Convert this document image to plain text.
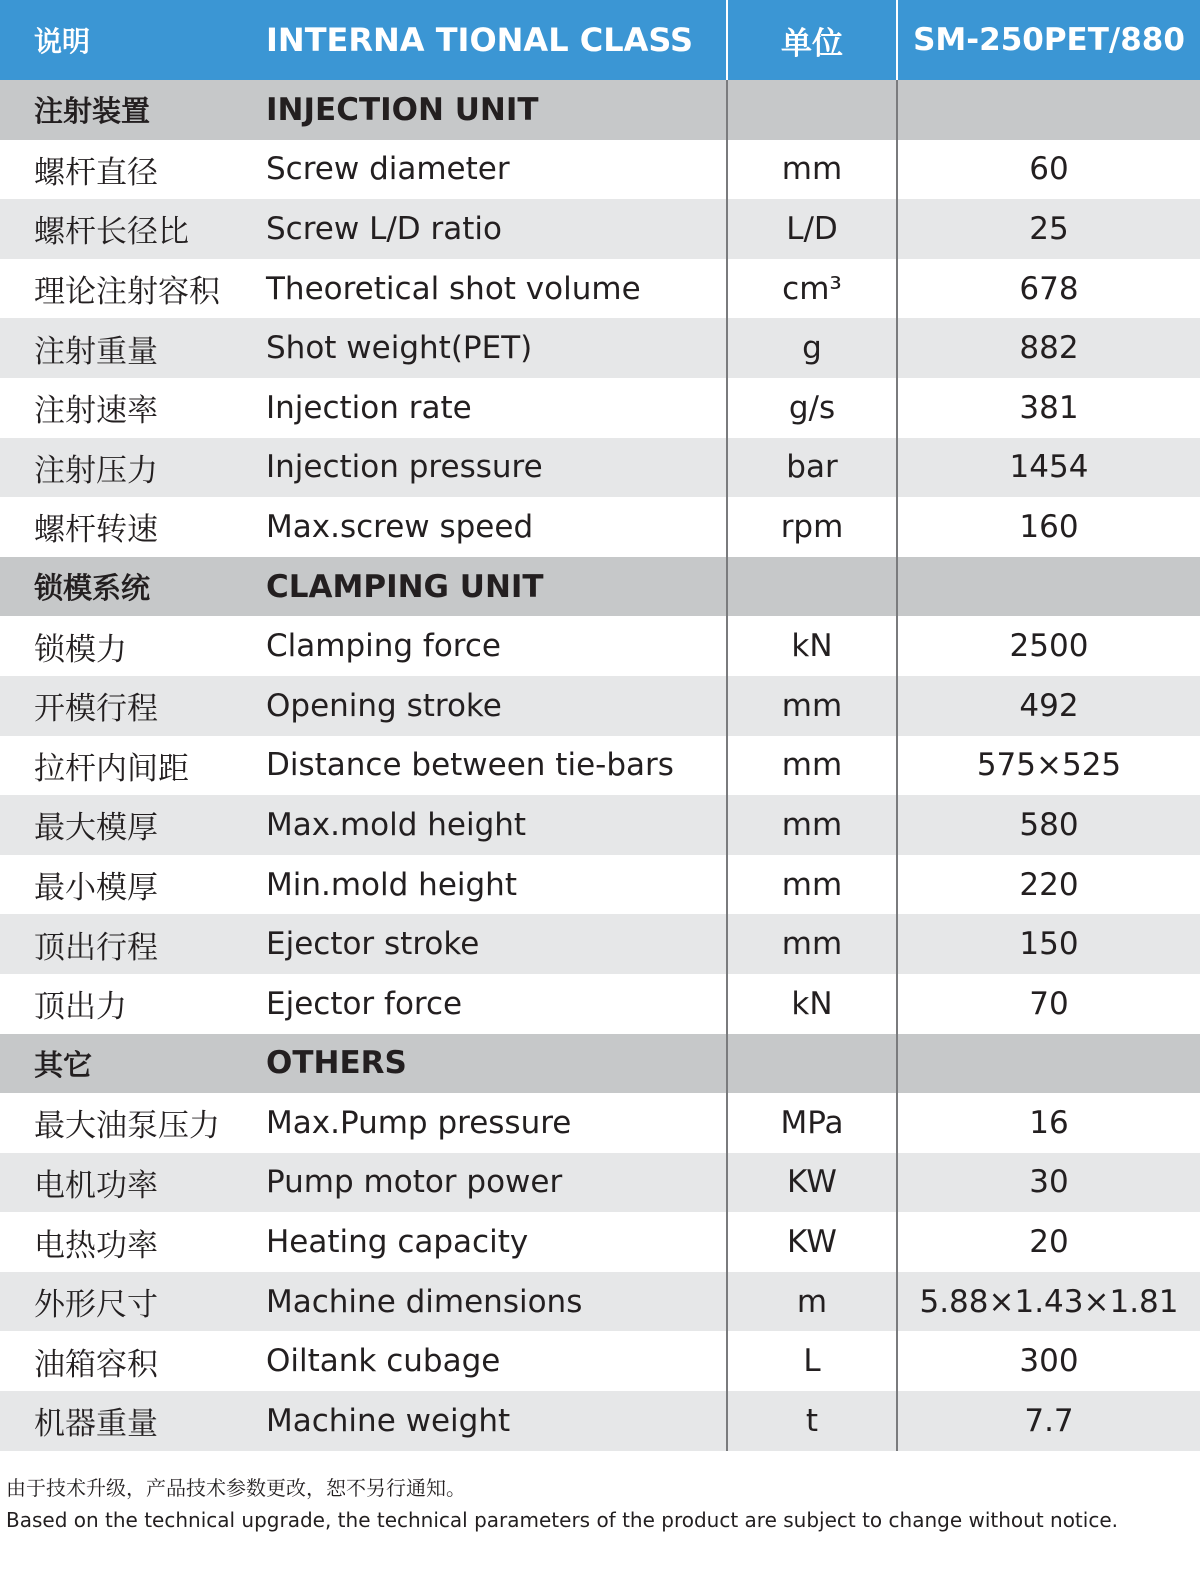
说明	INTERNA TIONAL CLASS	单位	SM-250PET/880
注射装置	INJECTION UNIT		
螺杆直径	Screw diameter	mm	60
螺杆长径比	Screw L/D ratio	L/D	25
理论注射容积	Theoretical shot volume	cm³	678
注射重量	Shot weight(PET)	g	882
注射速率	Injection rate	g/s	381
注射压力	Injection pressure	bar	1454
螺杆转速	Max.screw speed	rpm	160
锁模系统	CLAMPING UNIT		
锁模力	Clamping force	kN	2500
开模行程	Opening stroke	mm	492
拉杆内间距	Distance between tie-bars	mm	575×525
最大模厚	Max.mold height	mm	580
最小模厚	Min.mold height	mm	220
顶出行程	Ejector stroke	mm	150
顶出力	Ejector force	kN	70
其它	OTHERS		
最大油泵压力	Max.Pump pressure	MPa	16
电机功率	Pump motor power	KW	30
电热功率	Heating capacity	KW	20
外形尺寸	Machine dimensions	m	5.88×1.43×1.81
油箱容积	Oiltank cubage	L	300
机器重量	Machine weight	t	7.7
由于技术升级，产品技术参数更改，恕不另行通知。
Based on the technical upgrade, the technical parameters of the product are subject to change without notice.
